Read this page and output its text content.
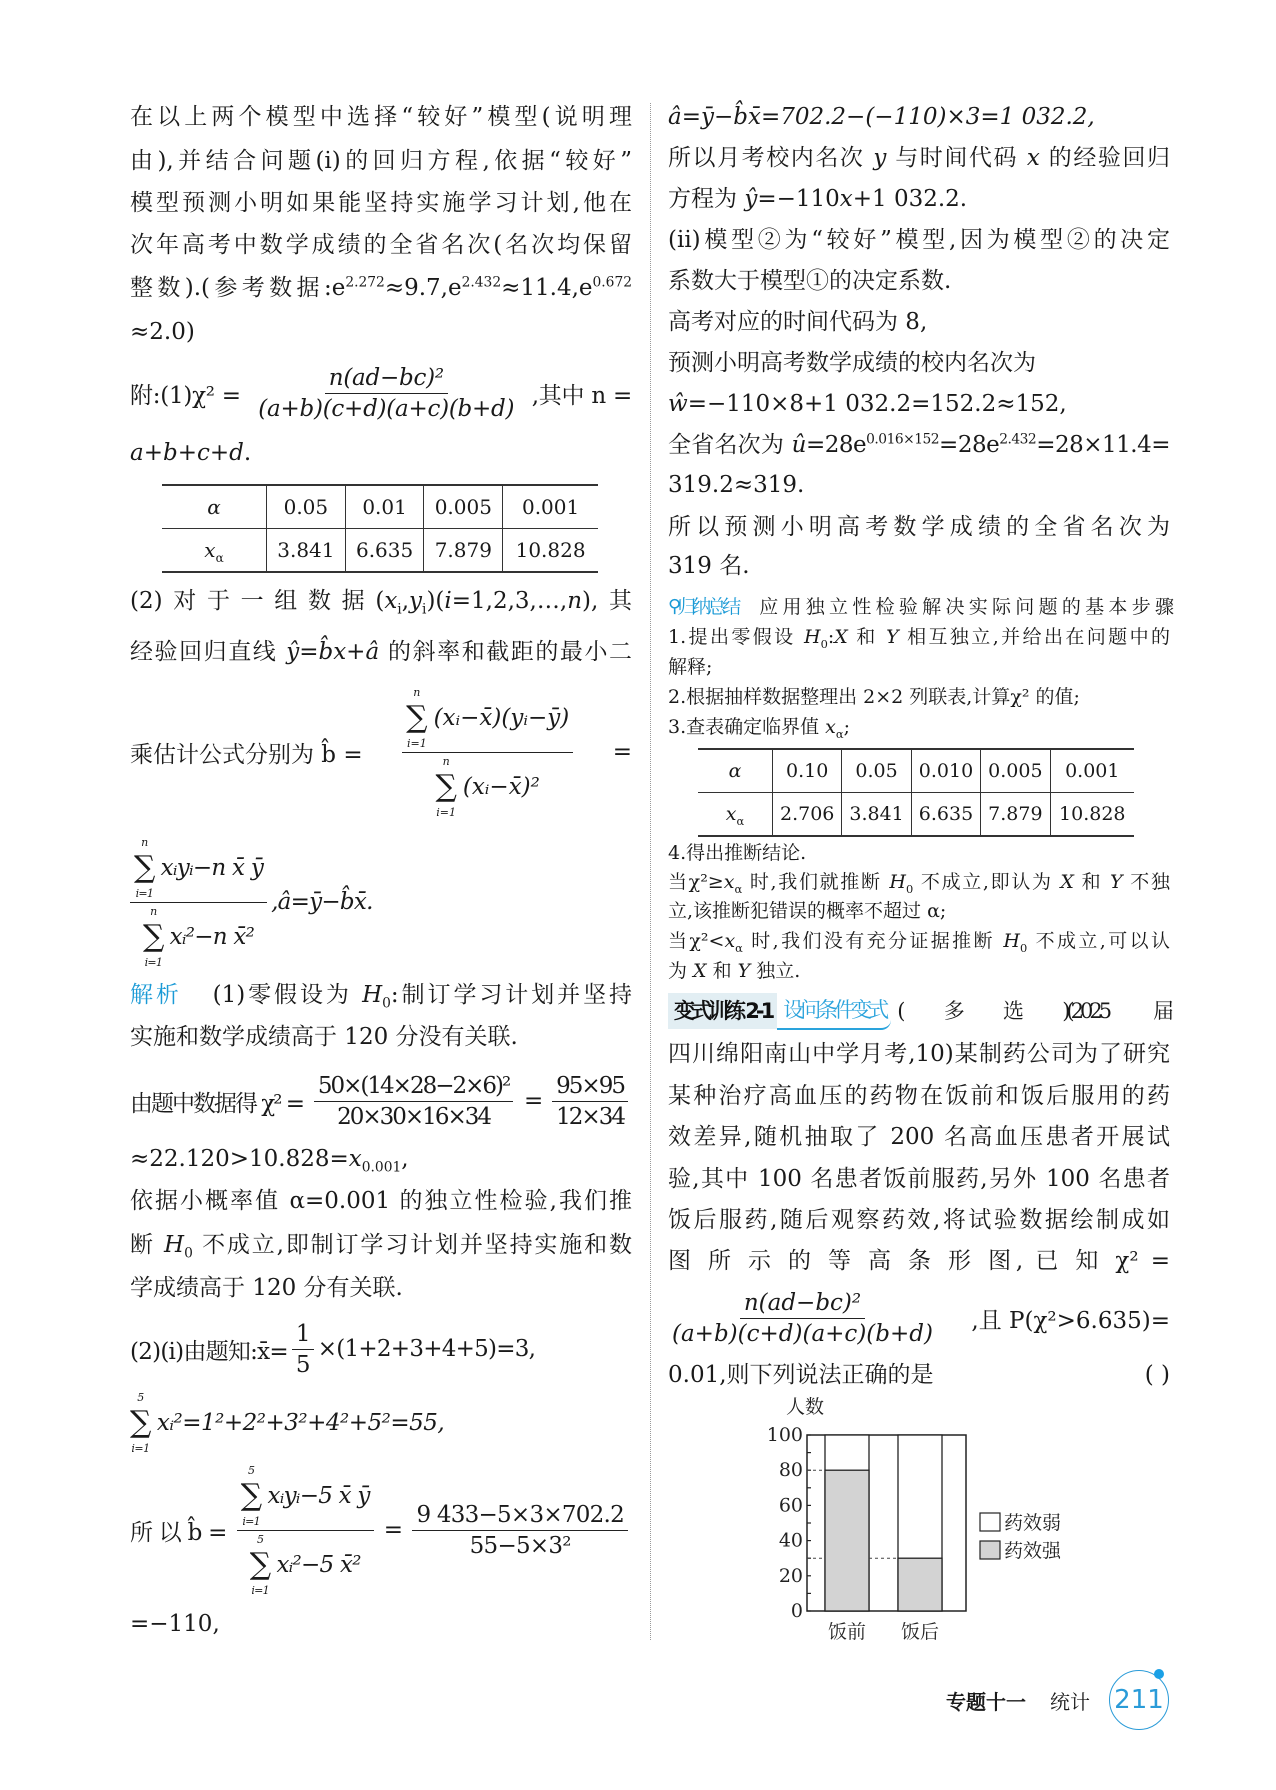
在以上两个模型中选择“较好”模型(说明理
由),并结合问题(i)的回归方程,依据“较好”
模型预测小明如果能坚持实施学习计划,他在
次年高考中数学成绩的全省名次(名次均保留
整数).(参考数据$:e^{2.272}\approx 9.7,e^{2.432}\approx 11.4,e^{0.672}$
≈2.0)
附:(1)χ² = $\frac{\text{n(ad−bc)²}}{(a+b)(c+d)(a+c)(b+d)}$ ,其中 n =
a+b+c+d.
α	0.05	0.01	0.005	0.001
$x_\alpha$	3.841	6.635	7.879	10.828
(2)对于一组数据$(x_i,y_i)(i=1,2,3,\dots,n)$,其
经验回归直线 ŷ=b̂x+â 的斜率和截距的最小二
乘估计公式分别为 b̂ =	n
∑
i=1
(xᵢ−x̄)(yᵢ−ȳ)
n
∑
i=1
(xᵢ−x̄)² =
n
∑
i=1
xᵢyᵢ−n x̄ ȳ
n
∑
i=1
xᵢ²−n x̄² ,â=ȳ−b̂x̄.
解析 (1)零假设为 $H_0$:制订学习计划并坚持
实施和数学成绩高于 120 分没有关联.
由题中数据得 $\chi^2 = \frac{\text{50×(14×28−2×6)²}}{20\times 30\times 16\times 34} = \frac{95\times 95}{12\times 34}$
$\approx 22.120>10.828=x_{0.001}$,
依据小概率值 α=0.001 的独立性检验,我们推
断 $H_0$ 不成立,即制订学习计划并坚持实施和数
学成绩高于 120 分有关联.
(2)(i)由题知:x̄= $\frac{1}{5} \times(1+2+3+4+5)=3$,
5
∑
i=1
xᵢ²=1²+2²+3²+4²+5²=55,
所 以 b̂ = 5
∑
i=1
xᵢyᵢ−5 x̄ ȳ
5
∑
i=1
xᵢ²−5 x̄² = $\frac{9 433-5\times 3\times 702.2}{\text{55−5×3²}}$
=−110,
â=ȳ−b̂x̄=702.2−(−110)×3=1 032.2,
所以月考校内名次 y 与时间代码 x 的经验回归
方程为 ŷ=−110x+1 032.2.
(ii)模型②为“较好”模型,因为模型②的决定
系数大于模型①的决定系数.
高考对应的时间代码为 8,
预测小明高考数学成绩的校内名次为
ŵ=−110×8+1 032.2=152.2≈152,
全省名次为 $û=28e^{0.016\times 152}=28e^{2.432}=28\times 11.4=$
319.2≈319.
所以预测小明高考数学成绩的全省名次为
319 名.
⚲ 归纳总结 应用独立性检验解决实际问题的基本步骤
1.提出零假设 $H_0:X$ 和 Y 相互独立,并给出在问题中的
解释;
2.根据抽样数据整理出 2×2 列联表,计算χ² 的值;
3.查表确定临界值 $x_\alpha$;
α	0.10	0.05	0.010	0.005	0.001
$x_\alpha$	2.706	3.841	6.635	7.879	10.828
4.得出推断结论.
当$\chi^2\ge x_\alpha$ 时,我们就推断 $H_0$ 不成立,即认为 X 和 Y 不独
立,该推断犯错误的概率不超过 α;
当$\chi^2<x_\alpha$ 时,我们没有充分证据推断 $H_0$ 不成立,可以认
为 X 和 Y 独立.
变式训练 2-1 设问条件变式 (多选)(2025 届
四川绵阳南山中学月考,10)某制药公司为了研究
某种治疗高血压的药物在饭前和饭后服用的药
效差异,随机抽取了 200 名高血压患者开展试
验,其中 100 名患者饭前服药,另外 100 名患者
饭后服药,随后观察药效,将试验数据绘制成如
图 所 示 的 等 高 条 形 图, 已 知 χ² =
$\frac{\text{n(ad−bc)²}}{(a+b)(c+d)(a+c)(b+d)}$ ,且 P(χ²>6.635)=
0.01,则下列说法正确的是	( )
0
20
40
60
80
100
人数
饭前 饭后
药效弱
药效强
专题十一 统计 211
